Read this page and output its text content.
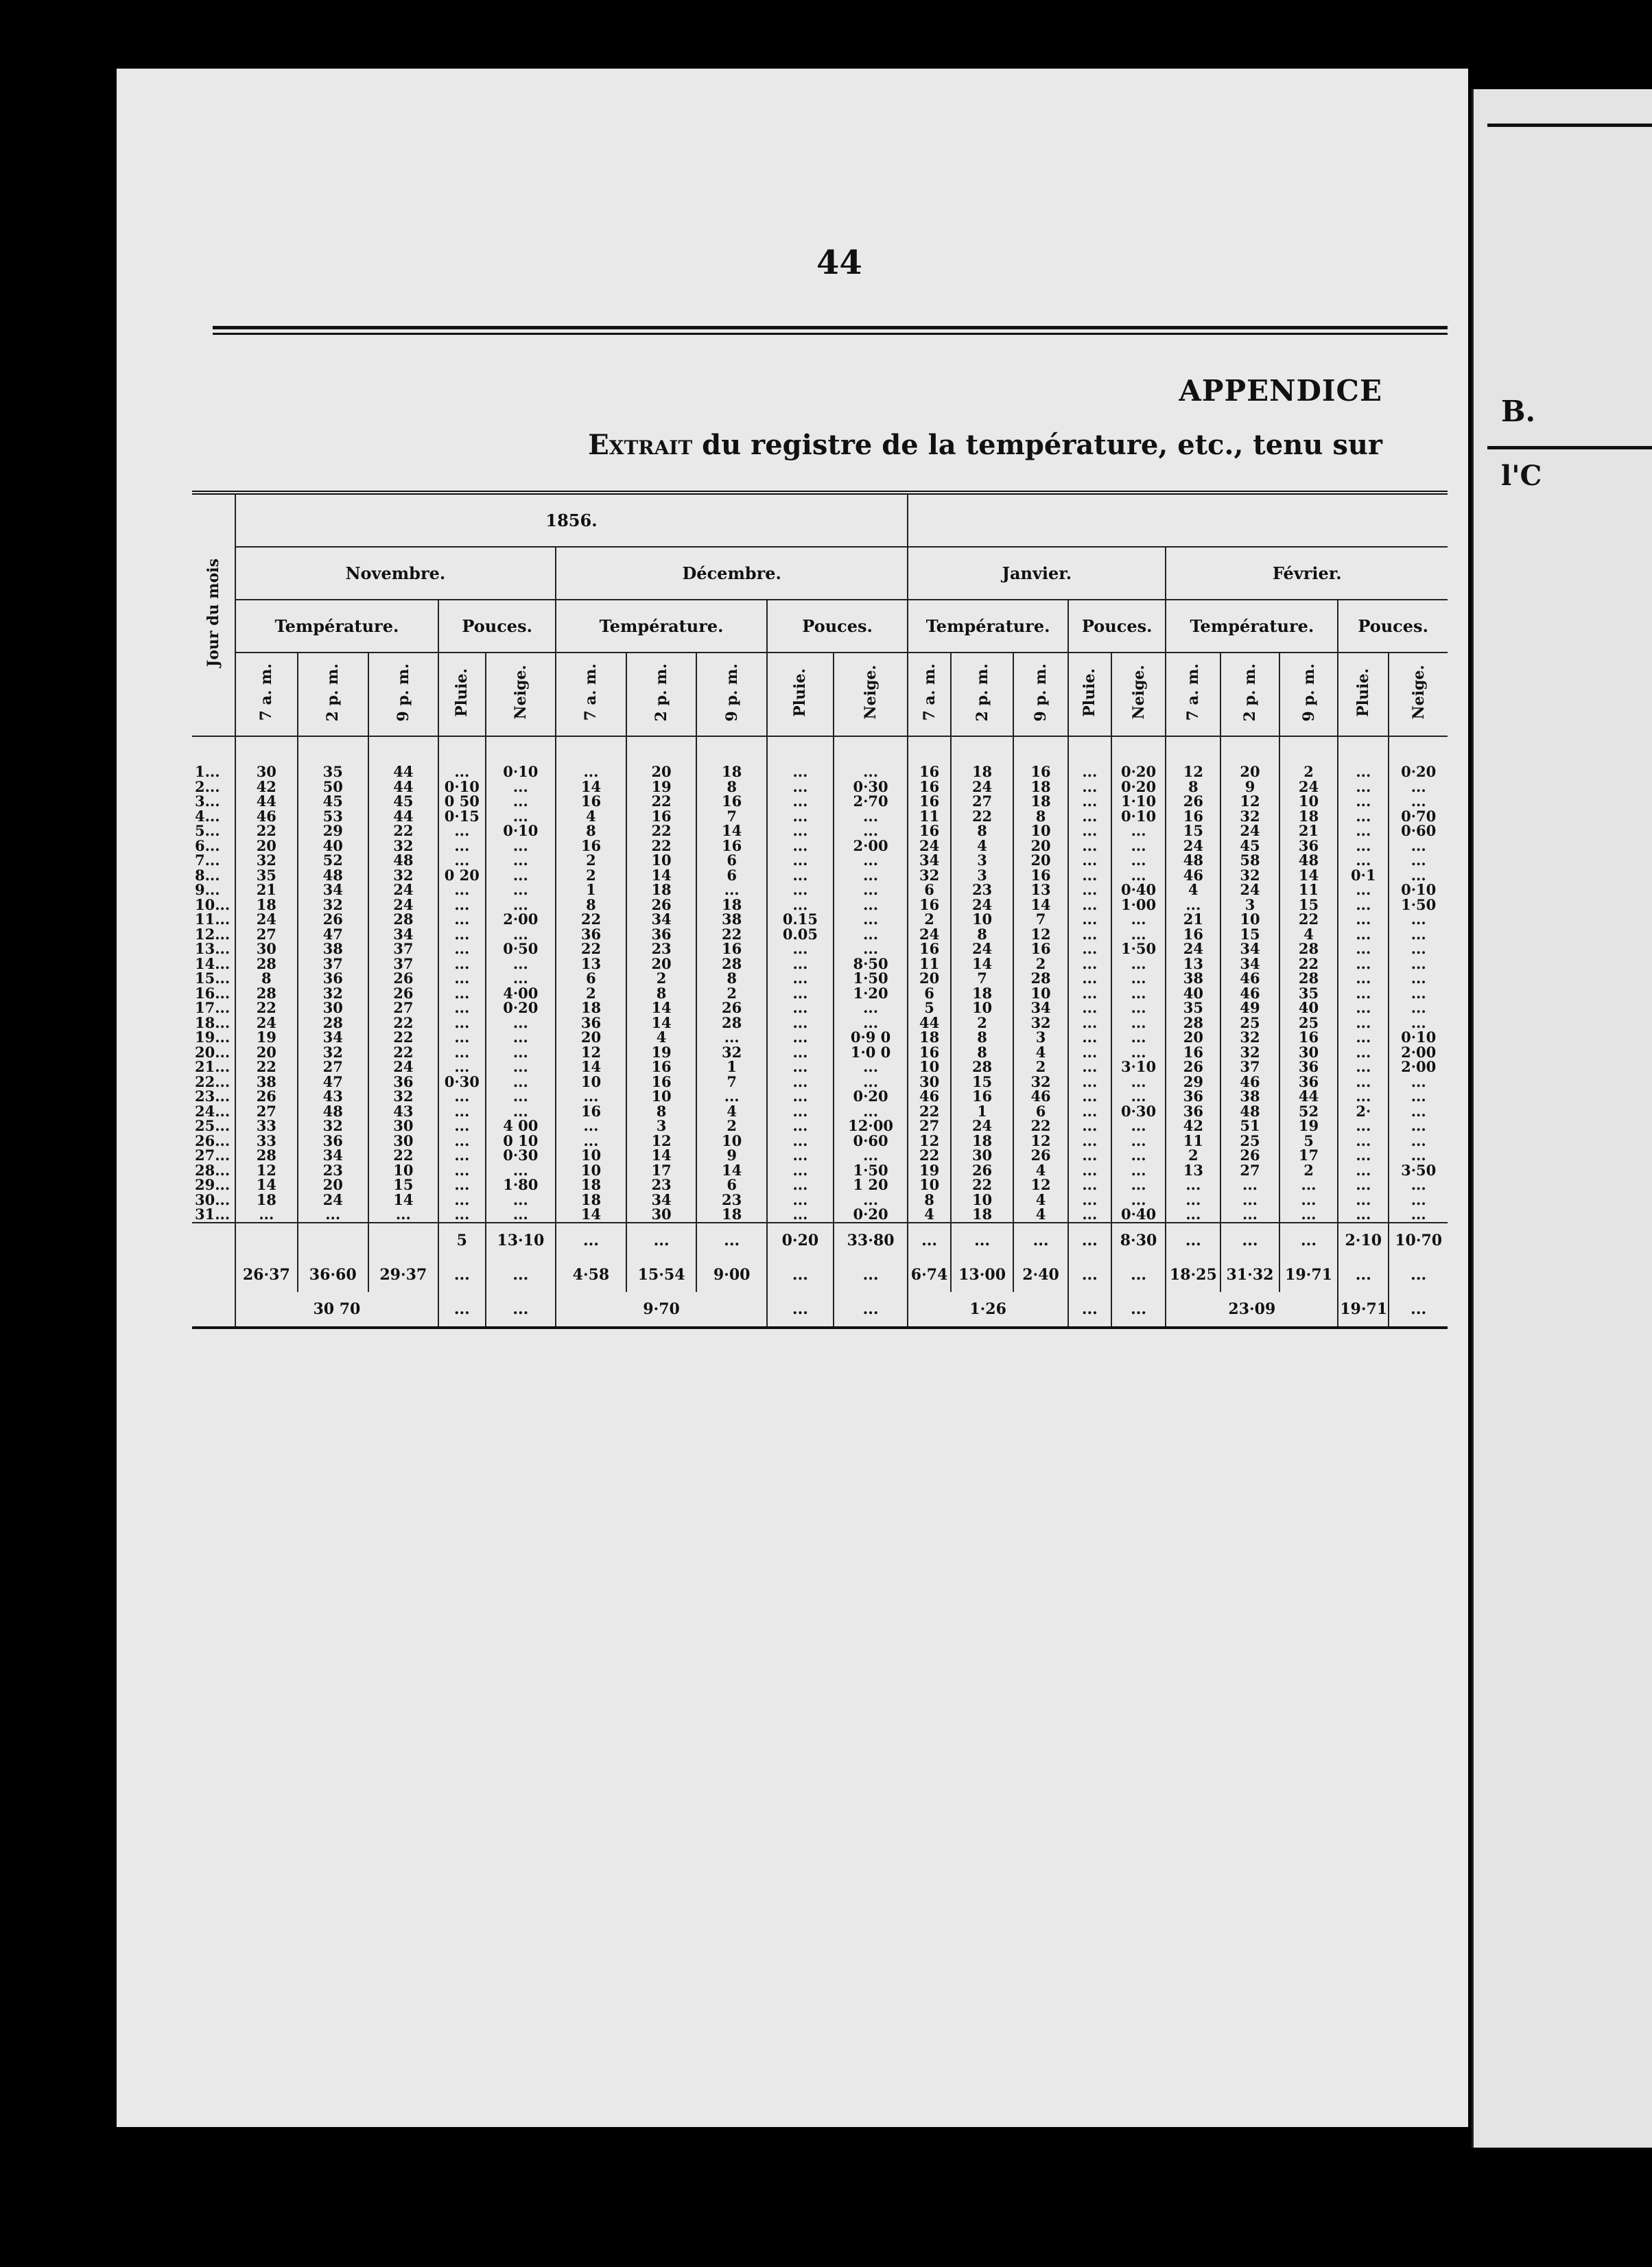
44
APPENDICE
Extrait du registre de la température, etc., tenu sur
Jour du mois	1856.																			
	Novembre.					Décembre.					Janvier.					Février.				
	Température.			Pouces.		Température.			Pouces.		Température.			Pouces.		Température.			Pouces.	
	7 a. m.	2 p. m.	9 p. m.	Pluie.	Neige.	7 a. m.	2 p. m.	9 p. m.	Pluie.	Neige.	7 a. m.	2 p. m.	9 p. m.	Pluie.	Neige.	7 a. m.	2 p. m.	9 p. m.	Pluie.	Neige.
1...	30	35	44	...	0·10	...	20	18	...	...	16	18	16	...	0·20	12	20	2	...	0·20
2...	42	50	44	0·10	...	14	19	8	...	0·30	16	24	18	...	0·20	8	9	24	...	...
3...	44	45	45	0 50	...	16	22	16	...	2·70	16	27	18	...	1·10	26	12	10	...	...
4...	46	53	44	0·15	...	4	16	7	...	...	11	22	8	...	0·10	16	32	18	...	0·70
5...	22	29	22	...	0·10	8	22	14	...	...	16	8	10	...	...	15	24	21	...	0·60
6...	20	40	32	...	...	16	22	16	...	2·00	24	4	20	...	...	24	45	36	...	...
7...	32	52	48	...	...	2	10	6	...	...	34	3	20	...	...	48	58	48	...	...
8...	35	48	32	0 20	...	2	14	6	...	...	32	3	16	...	...	46	32	14	0·1	...
9...	21	34	24	...	...	1	18	...	...	...	6	23	13	...	0·40	4	24	11	...	0·10
10...	18	32	24	...	...	8	26	18	...	...	16	24	14	...	1·00	...	3	15	...	1·50
11...	24	26	28	...	2·00	22	34	38	0.15	...	2	10	7	...	...	21	10	22	...	...
12...	27	47	34	...	...	36	36	22	0.05	...	24	8	12	...	...	16	15	4	...	...
13...	30	38	37	...	0·50	22	23	16	...	...	16	24	16	...	1·50	24	34	28	...	...
14...	28	37	37	...	...	13	20	28	...	8·50	11	14	2	...	...	13	34	22	...	...
15...	8	36	26	...	...	6	2	8	...	1·50	20	7	28	...	...	38	46	28	...	...
16...	28	32	26	...	4·00	2	8	2	...	1·20	6	18	10	...	...	40	46	35	...	...
17...	22	30	27	...	0·20	18	14	26	...	...	5	10	34	...	...	35	49	40	...	...
18...	24	28	22	...	...	36	14	28	...	...	44	2	32	...	...	28	25	25	...	...
19...	19	34	22	...	...	20	4	...	...	0·9 0	18	8	3	...	...	20	32	16	...	0·10
20...	20	32	22	...	...	12	19	32	...	1·0 0	16	8	4	...	...	16	32	30	...	2·00
21...	22	27	24	...	...	14	16	1	...	...	10	28	2	...	3·10	26	37	36	...	2·00
22...	38	47	36	0·30	...	10	16	7	...	...	30	15	32	...	...	29	46	36	...	...
23...	26	43	32	...	...	...	10	...	...	0·20	46	16	46	...	...	36	38	44	...	...
24...	27	48	43	...	...	16	8	4	...	...	22	1	6	...	0·30	36	48	52	2·	...
25...	33	32	30	...	4 00	...	3	2	...	12·00	27	24	22	...	...	42	51	19	...	...
26...	33	36	30	...	0 10	...	12	10	...	0·60	12	18	12	...	...	11	25	5	...	...
27...	28	34	22	...	0·30	10	14	9	...	...	22	30	26	...	...	2	26	17	...	...
28...	12	23	10	...	...	10	17	14	...	1·50	19	26	4	...	...	13	27	2	...	3·50
29...	14	20	15	...	1·80	18	23	6	...	1 20	10	22	12	...	...	...	...	...	...	...
30...	18	24	14	...	...	18	34	23	...	...	8	10	4	...	...	...	...	...	...	...
31...	...	...	...	...	...	14	30	18	...	0·20	4	18	4	...	0·40	...	...	...	...	...
				5	13·10	...	...	...	0·20	33·80	...	...	...	...	8·30	...	...	...	2·10	10·70
	26·37	36·60	29·37	...	...	4·58	15·54	9·00	...	...	6·74	13·00	2·40	...	...	18·25	31·32	19·71	...	...
	30 70			...	...	9·70			...	...	1·26			...	...	23·09			19·71	...
B.
l'C
